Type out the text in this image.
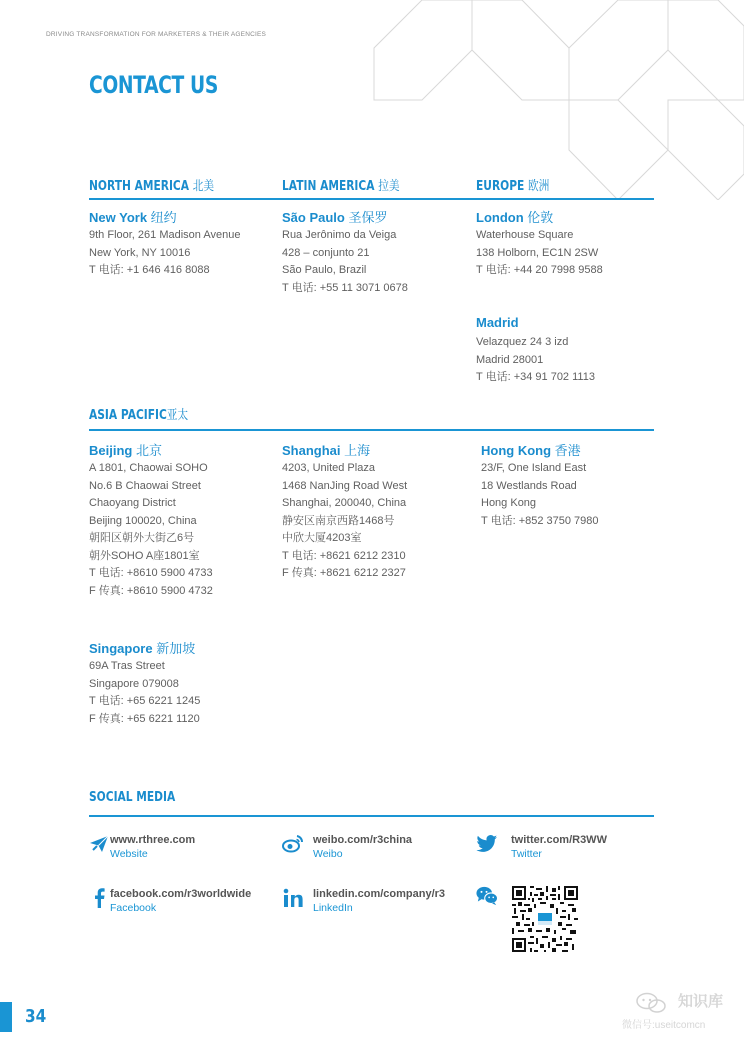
DRIVING TRANSFORMATION FOR MARKETERS & THEIR AGENCIES
CONTACT US
NORTH AMERICA 北美	LATIN AMERICA 拉美	EUROPE 欧洲
New York 纽约
9th Floor, 261 Madison Avenue
New York, NY 10016
T 电话: +1 646 416 8088
São Paulo 圣保罗
Rua Jerônimo da Veiga
428 – conjunto 21
São Paulo, Brazil
T 电话: +55 11 3071 0678
London 伦敦
Waterhouse Square
138 Holborn, EC1N 2SW
T 电话: +44 20 7998 9588
Madrid
Velazquez 24 3 izd
Madrid 28001
T 电话: +34 91 702 1113
ASIA PACIFIC亚太
Beijing 北京
A 1801, Chaowai SOHO
No.6 B Chaowai Street
Chaoyang District
Beijing 100020, China
朝阳区朝外大街乙6号
朝外SOHO A座1801室
T 电话: +8610 5900 4733
F 传真: +8610 5900 4732
Shanghai 上海
4203, United Plaza
1468 NanJing Road West
Shanghai, 200040, China
静安区南京西路1468号
中欣大厦4203室
T 电话: +8621 6212 2310
F 传真: +8621 6212 2327
Hong Kong 香港
23/F, One Island East
18 Westlands Road
Hong Kong
T 电话: +852 3750 7980
Singapore 新加坡
69A Tras Street
Singapore 079008
T 电话: +65 6221 1245
F 传真: +65 6221 1120
SOCIAL MEDIA
www.rthree.com
Website
weibo.com/r3china
Weibo
twitter.com/R3WW
Twitter
facebook.com/r3worldwide
Facebook
linkedin.com/company/r3
LinkedIn
34
知识库
微信号:useitcomcn
